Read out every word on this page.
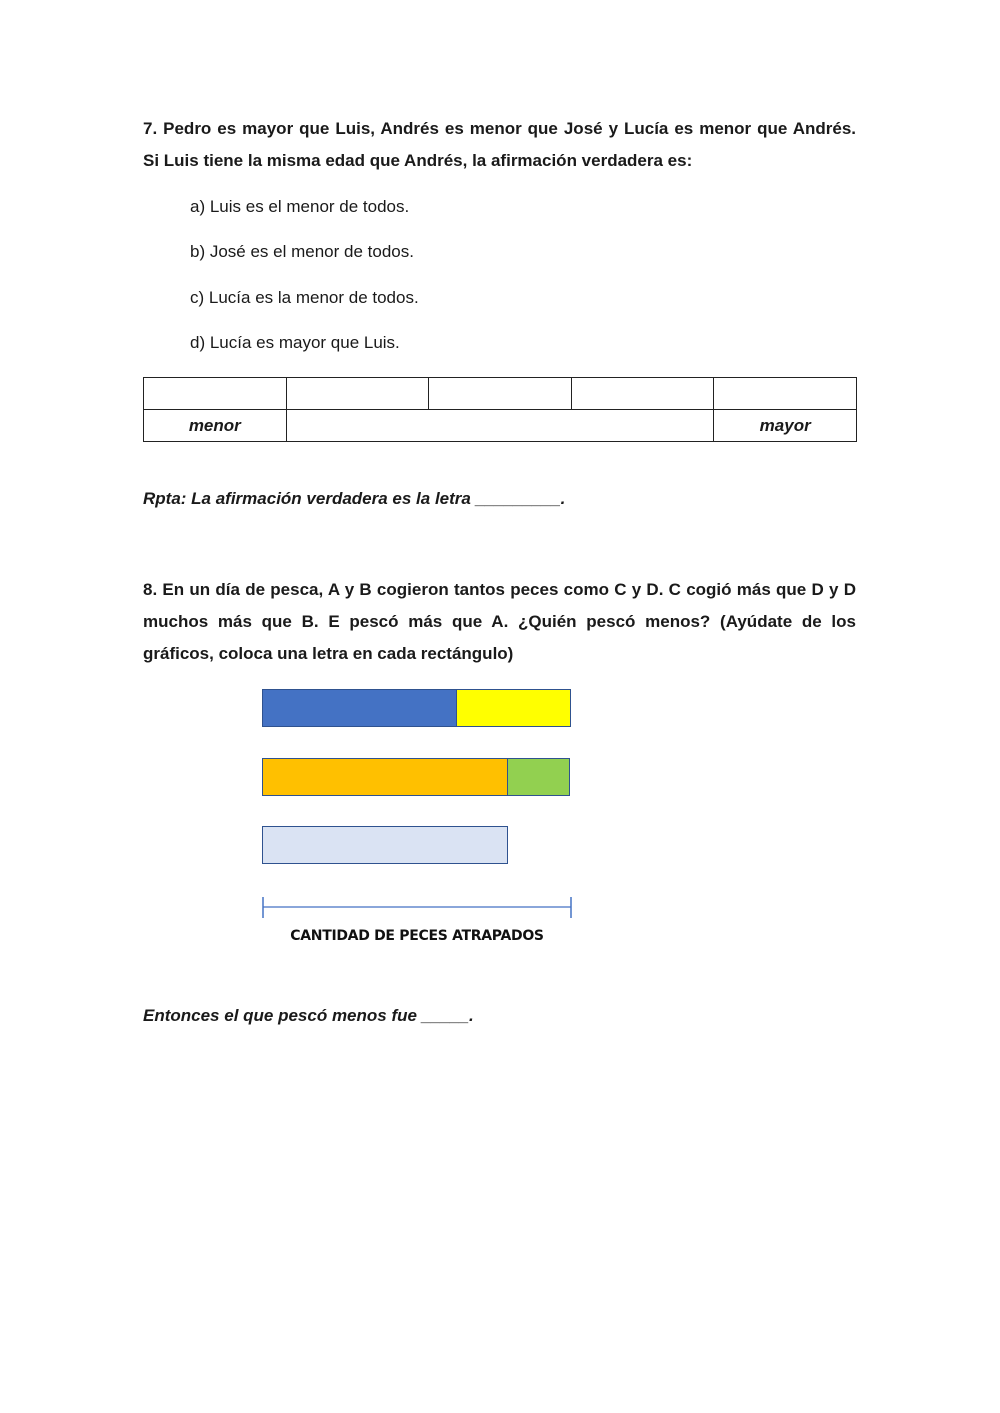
7. Pedro es mayor que Luis, Andrés es menor que José y Lucía es menor que Andrés. Si Luis tiene la misma edad que Andrés, la afirmación verdadera es:

a) Luis es el menor de todos.

b) José es el menor de todos.

c) Lucía es la menor de todos.

d) Lucía es mayor que Luis.

menor				mayor

Rpta: La afirmación verdadera es la letra _________.

8. En un día de pesca, A y B cogieron tantos peces como C y D. C cogió más que D y D muchos más que B. E pescó más que A. ¿Quién pescó menos? (Ayúdate de los gráficos, coloca una letra en cada rectángulo)

CANTIDAD DE PECES ATRAPADOS

Entonces el que pescó menos fue _____.
